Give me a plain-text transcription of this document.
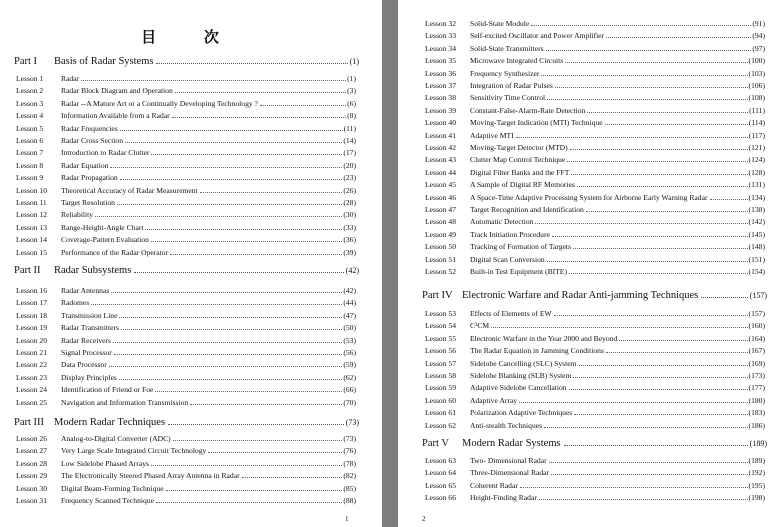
目 次
Part I	Basis of Radar Systems	(1)
Lesson 1	Radar	(1)
Lesson 2	Radar Block Diagram and Operation	(3)
Lesson 3	Radar --A Mature Art or a Continually Developing Technology ?	(6)
Lesson 4	Information Available from a Radar	(8)
Lesson 5	Radar Frequencies	(11)
Lesson 6	Radar Cross Section	(14)
Lesson 7	Introduction to Radar Clutter	(17)
Lesson 8	Radar Equation	(20)
Lesson 9	Radar Propagation	(23)
Lesson 10	Theoretical Accuracy of Radar Measurement	(26)
Lesson 11	Target Resolution	(28)
Lesson 12	Reliability	(30)
Lesson 13	Range-Height-Angle Chart	(33)
Lesson 14	Coverage-Pattern Evaluation	(36)
Lesson 15	Performance of the Radar Operator	(39)
Part II	Radar Subsystems	(42)
Lesson 16	Radar Antennas	(42)
Lesson 17	Radomes	(44)
Lesson 18	Transmission Line	(47)
Lesson 19	Radar Transmitters	(50)
Lesson 20	Radar Receivers	(53)
Lesson 21	Signal Processor	(56)
Lesson 22	Data Processor	(59)
Lesson 23	Display Principles	(62)
Lesson 24	Identification of Friend or Foe	(66)
Lesson 25	Navigation and Information Transmission	(70)
Part III Modern Radar Techniques	(73)
Lesson 26	Analog-to-Digital Converter (ADC)	(73)
Lesson 27	Very Large Scale Integrated Circuit Technology	(76)
Lesson 28	Low Sidelobe Phased Arrays	(78)
Lesson 29	The Electronically Steered Phased Array Antenna in Radar	(82)
Lesson 30	Digital Beam-Forming Technique	(85)
Lesson 31	Frequency Scanned Technique	(88)
1
Lesson 32	Solid-State Module	(91)
Lesson 33	Self-excited Oscillator and Power Amplifier	(94)
Lesson 34	Solid-State Transmitters	(97)
Lesson 35	Microwave Integrated Circuits	(100)
Lesson 36	Frequency Synthesizer	(103)
Lesson 37	Integration of Radar Pulses	(106)
Lesson 38	Sensitivity Time Control	(108)
Lesson 39	Constant-False-Alarm-Rate Detection	(111)
Lesson 40	Moving-Target Indication (MTI) Technique	(114)
Lesson 41	Adaptive MTI	(117)
Lesson 42	Moving-Target Detector (MTD)	(121)
Lesson 43	Clutter Map Control Technique	(124)
Lesson 44	Digital Filter Banks and the FFT	(128)
Lesson 45	A Sample of Digital RF Memories	(131)
Lesson 46	A Space-Time Adaptive Processing System for Airborne Early Warning Radar	(134)
Lesson 47	Target Recognition and Identification	(138)
Lesson 48	Automatic Detection	(142)
Lesson 49	Track Initiation Procedure	(145)
Lesson 50	Tracking of Formation of Targets	(148)
Lesson 51	Digital Scan Conversion	(151)
Lesson 52	Built-in Test Equipment (BITE)	(154)
Part IV Electronic Warfare and Radar Anti-jamming Techniques	(157)
Lesson 53	Effects of Elements of EW	(157)
Lesson 54	C³CM	(160)
Lesson 55	Electronic Warfare in the Year 2000 and Beyond	(164)
Lesson 56	The Radar Equation in Jamming Conditions	(167)
Lesson 57	Sidelobe Cancelling (SLC) System	(169)
Lesson 58	Sidelobe Blanking (SLB) System	(173)
Lesson 59	Adaptive Sidelobe Cancellation	(177)
Lesson 60	Adaptive Array	(180)
Lesson 61	Polarization Adaptive Techniques	(183)
Lesson 62	Anti-stealth Techniques	(186)
Part V	Modern Radar Systems	(189)
Lesson 63	Two- Dimensional Radar	(189)
Lesson 64	Three-Dimensional Radar	(192)
Lesson 65	Coherent Radar	(195)
Lesson 66	Height-Finding Radar	(198)
2
